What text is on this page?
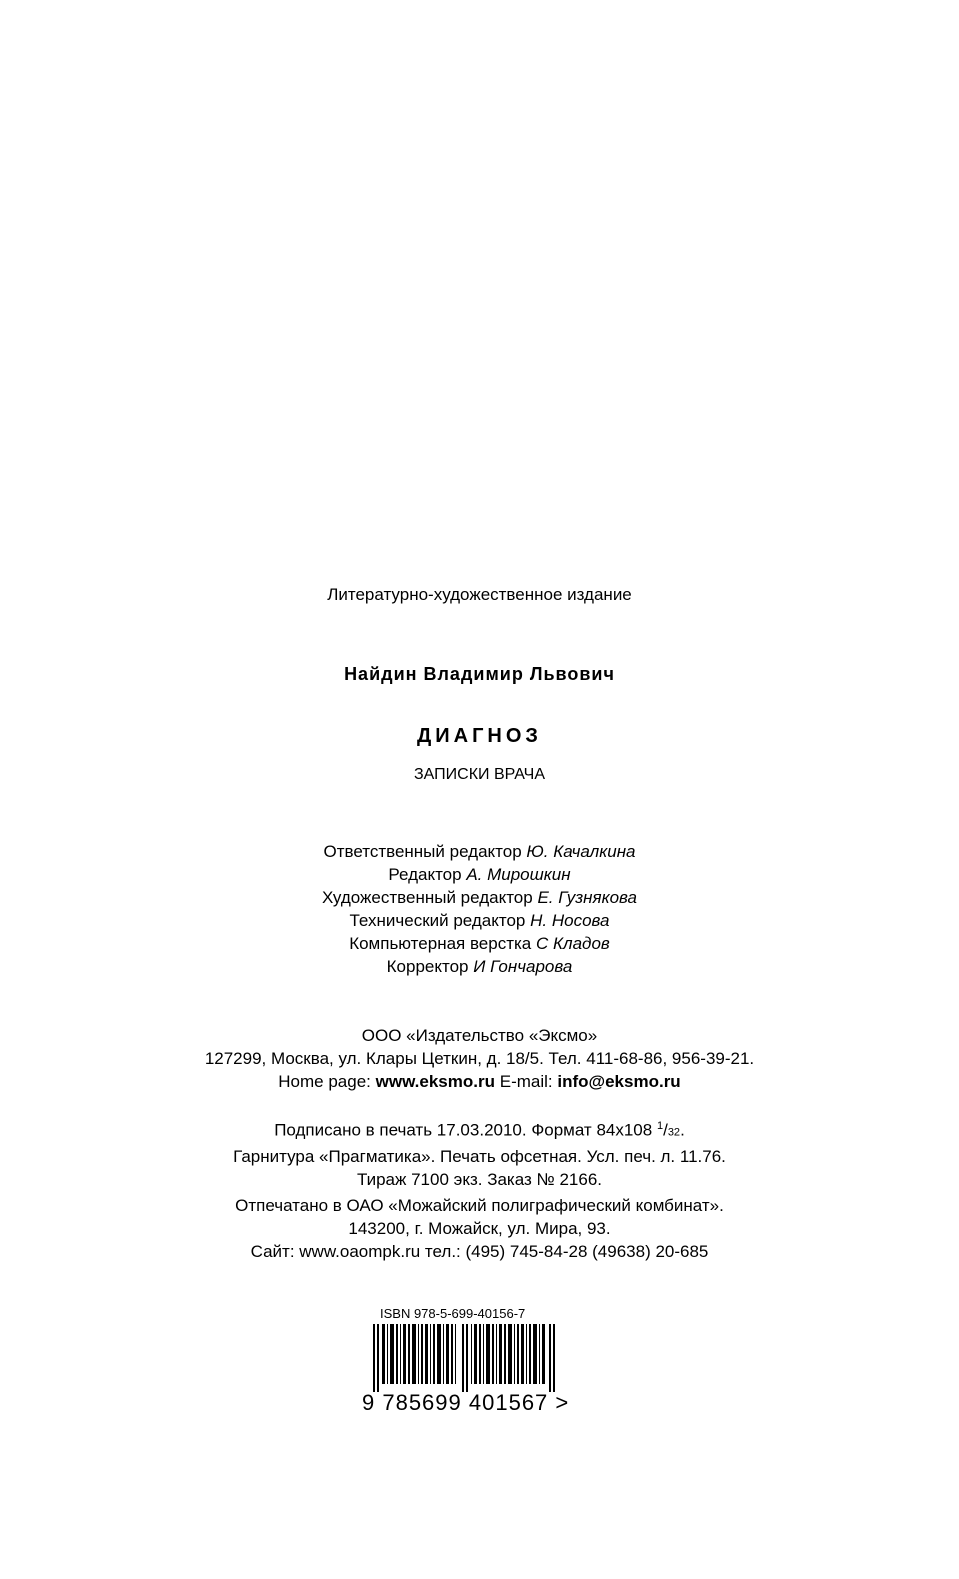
Литературно-художественное издание
Найдин Владимир Львович
ДИАГНОЗ
ЗАПИСКИ ВРАЧА
Ответственный редактор Ю. Качалкина
Редактор А. Мирошкин
Художественный редактор Е. Гузнякова
Технический редактор Н. Носова
Компьютерная верстка С Кладов
Корректор И Гончарова
ООО «Издательство «Эксмо»
127299, Москва, ул. Клары Цеткин, д. 18/5. Тел. 411-68-86, 956-39-21.
Home page: www.eksmo.ru E-mail: info@eksmo.ru
Подписано в печать 17.03.2010. Формат 84х108 $^1$/32.
Гарнитура «Прагматика». Печать офсетная. Усл. печ. л. 11.76.
Тираж 7100 экз. Заказ № 2166.
Отпечатано в ОАО «Можайский полиграфический комбинат».
143200, г. Можайск, ул. Мира, 93.
Сайт: www.oaompk.ru тел.: (495) 745-84-28 (49638) 20-685
ISBN 978-5-699-40156-7
9 785699 401567 >
